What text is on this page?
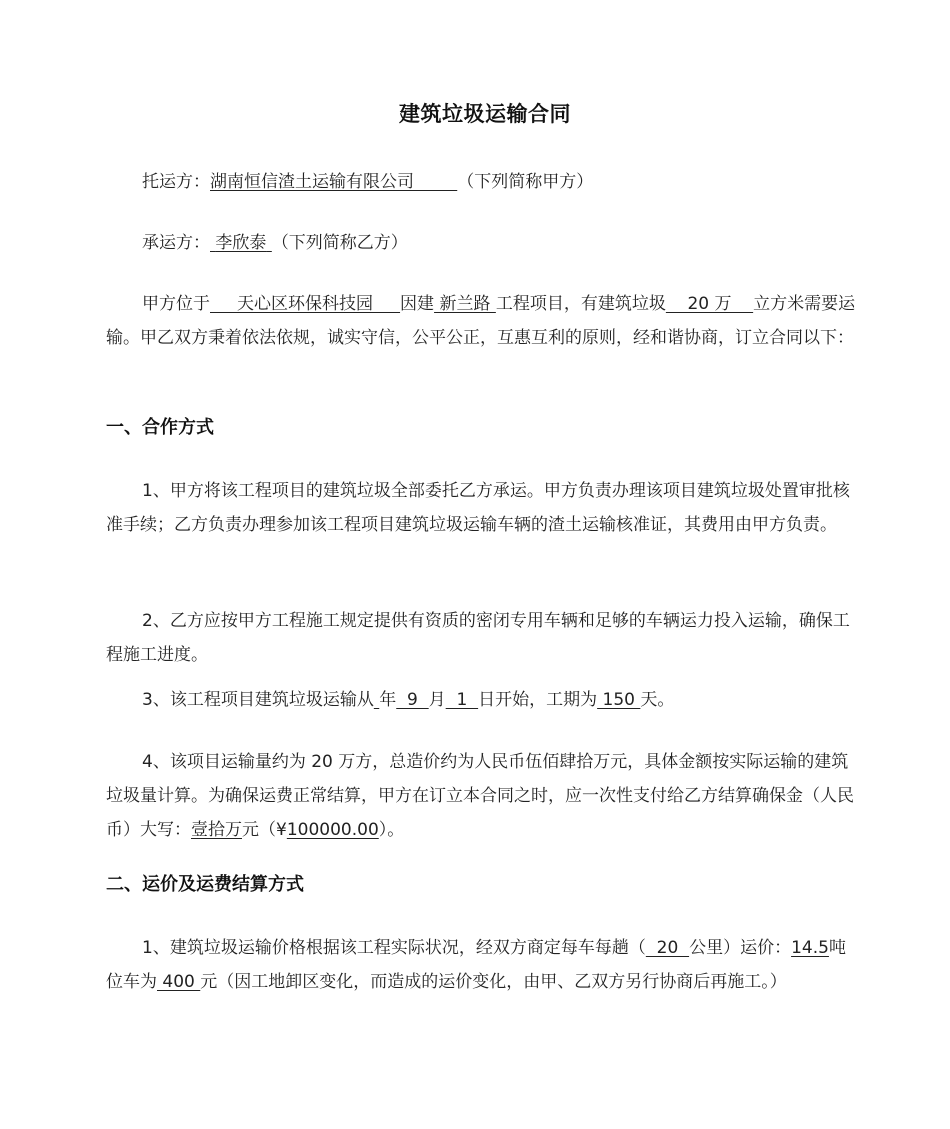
建筑垃圾运输合同
托运方：湖南恒信渣土运输有限公司	（下列简称甲方）
承运方： 李欣泰 （下列简称乙方）
甲方位于     天心区环保科技园     因建 新兰路 工程项目，有建筑垃圾    20 万    立方米需要运输。甲乙双方秉着依法依规，诚实守信，公平公正，互惠互利的原则，经和谐协商，订立合同以下：
一、合作方式
1、甲方将该工程项目的建筑垃圾全部委托乙方承运。甲方负责办理该项目建筑垃圾处置审批核准手续；乙方负责办理参加该工程项目建筑垃圾运输车辆的渣土运输核准证，其费用由甲方负责。
2、乙方应按甲方工程施工规定提供有资质的密闭专用车辆和足够的车辆运力投入运输，确保工程施工进度。
3、该工程项目建筑垃圾运输从 年  9  月  1  日开始，工期为 150 天。
4、该项目运输量约为 20 万方，总造价约为人民币伍佰肆拾万元，具体金额按实际运输的建筑垃圾量计算。为确保运费正常结算，甲方在订立本合同之时，应一次性支付给乙方结算确保金（人民币）大写：壹拾万元（¥100000.00）。
二、运价及运费结算方式
1、建筑垃圾运输价格根据该工程实际状况，经双方商定每车每趟（  20  公里）运价：14.5吨位车为 400 元（因工地卸区变化，而造成的运价变化，由甲、乙双方另行协商后再施工。）
